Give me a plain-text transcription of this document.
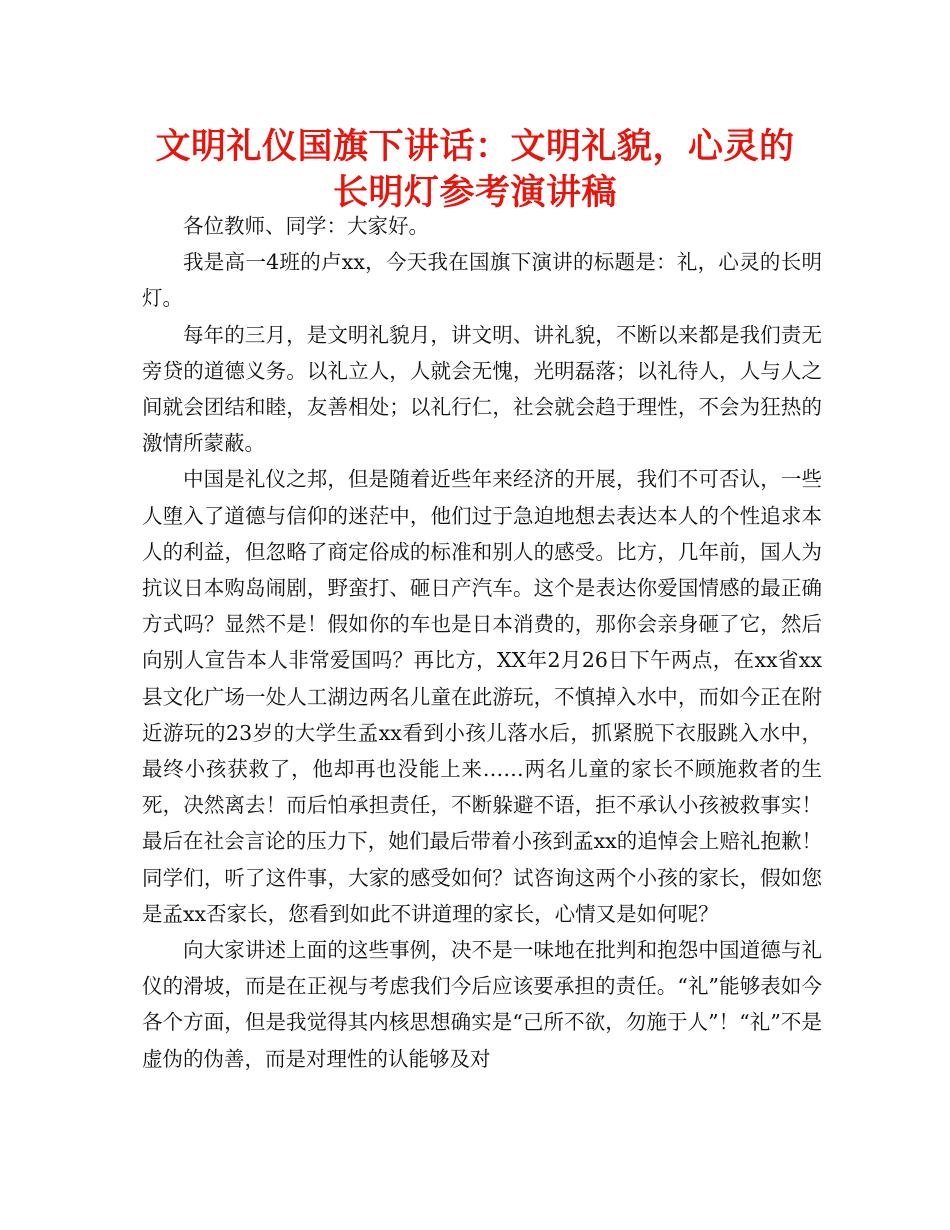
文明礼仪国旗下讲话：文明礼貌，心灵的
长明灯参考演讲稿

各位教师、同学：大家好。

我是高一4班的卢xx，今天我在国旗下演讲的标题是：礼，心灵的长明灯。

每年的三月，是文明礼貌月，讲文明、讲礼貌，不断以来都是我们责无旁贷的道德义务。以礼立人，人就会无愧，光明磊落；以礼待人，人与人之间就会团结和睦，友善相处；以礼行仁，社会就会趋于理性，不会为狂热的激情所蒙蔽。

中国是礼仪之邦，但是随着近些年来经济的开展，我们不可否认，一些人堕入了道德与信仰的迷茫中，他们过于急迫地想去表达本人的个性追求本人的利益，但忽略了商定俗成的标准和别人的感受。比方，几年前，国人为抗议日本购岛闹剧，野蛮打、砸日产汽车。这个是表达你爱国情感的最正确方式吗？显然不是！假如你的车也是日本消费的，那你会亲身砸了它，然后向别人宣告本人非常爱国吗？再比方，XX年2月26日下午两点，在xx省xx县文化广场一处人工湖边两名儿童在此游玩，不慎掉入水中，而如今正在附近游玩的23岁的大学生孟xx看到小孩儿落水后，抓紧脱下衣服跳入水中，最终小孩获救了，他却再也没能上来……两名儿童的家长不顾施救者的生死，决然离去！而后怕承担责任，不断躲避不语，拒不承认小孩被救事实！最后在社会言论的压力下，她们最后带着小孩到孟xx的追悼会上赔礼抱歉！同学们，听了这件事，大家的感受如何？试咨询这两个小孩的家长，假如您是孟xx否家长，您看到如此不讲道理的家长，心情又是如何呢？

向大家讲述上面的这些事例，决不是一味地在批判和抱怨中国道德与礼仪的滑坡，而是在正视与考虑我们今后应该要承担的责任。“礼”能够表如今各个方面，但是我觉得其内核思想确实是“己所不欲，勿施于人”！“礼”不是虚伪的伪善，而是对理性的认能够及对
